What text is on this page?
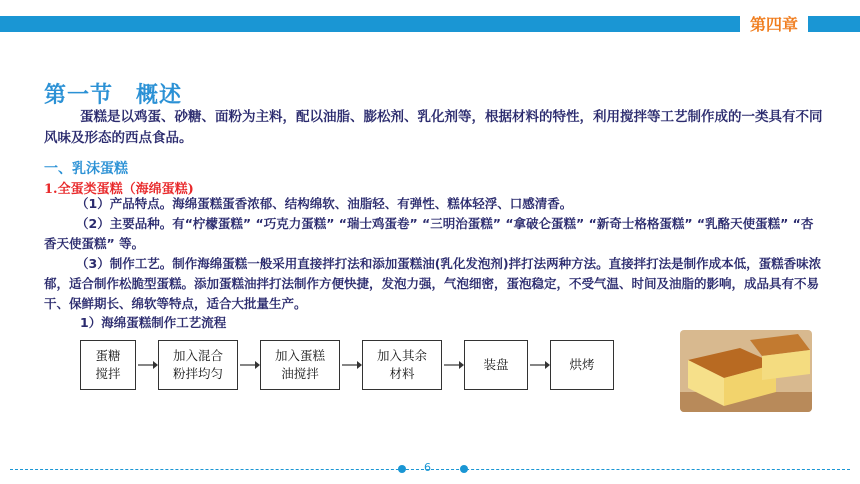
第四章
第一节　概述
蛋糕是以鸡蛋、砂糖、面粉为主料，配以油脂、膨松剂、乳化剂等，根据材料的特性，利用搅拌等工艺制作成的一类具有不同风味及形态的西点食品。
一、乳沫蛋糕
1.全蛋类蛋糕（海绵蛋糕)
（1）产品特点。海绵蛋糕蛋香浓郁、结构绵软、油脂轻、有弹性、糕体轻浮、口感清香。
（2）主要品种。有“柠檬蛋糕” “巧克力蛋糕” “瑞士鸡蛋卷” “三明治蛋糕” “拿破仑蛋糕” “新奇士格格蛋糕” “乳酪天使蛋糕” “杏香天使蛋糕” 等。
（3）制作工艺。制作海绵蛋糕一般采用直接拌打法和添加蛋糕油(乳化发泡剂)拌打法两种方法。直接拌打法是制作成本低，蛋糕香味浓郁，适合制作松脆型蛋糕。添加蛋糕油拌打法制作方便快捷，发泡力强，气泡细密，蛋泡稳定，不受气温、时间及油脂的影响，成品具有不易干、保鲜期长、绵软等特点，适合大批量生产。
1）海绵蛋糕制作工艺流程
蛋糖
搅拌
加入混合
粉拌均匀
加入蛋糕
油搅拌
加入其余
材料
装盘	烘烤
6
